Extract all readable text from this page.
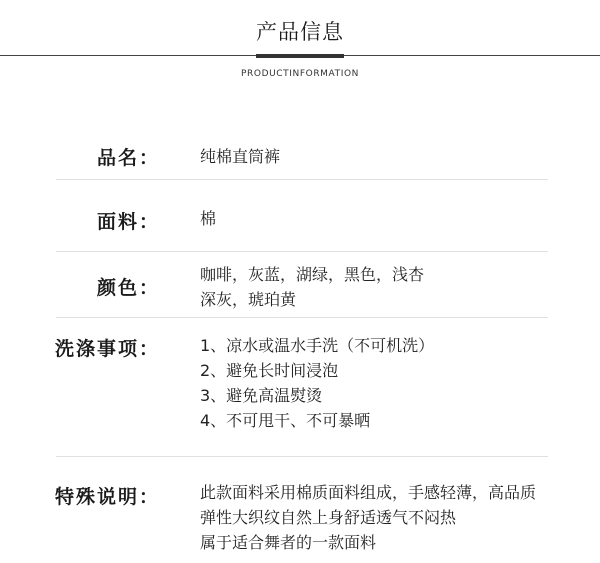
产品信息
PRODUCTINFORMATION
品名：	纯棉直筒裤
面料：	棉
颜色：
咖啡，灰蓝，湖绿，黑色，浅杏
深灰，琥珀黄
洗涤事项：	1、凉水或温水手洗（不可机洗）
2、避免长时间浸泡
3、避免高温熨烫
4、不可甩干、不可暴晒
特殊说明：	此款面料采用棉质面料组成，手感轻薄，高品质
弹性大织纹自然上身舒适透气不闷热
属于适合舞者的一款面料
